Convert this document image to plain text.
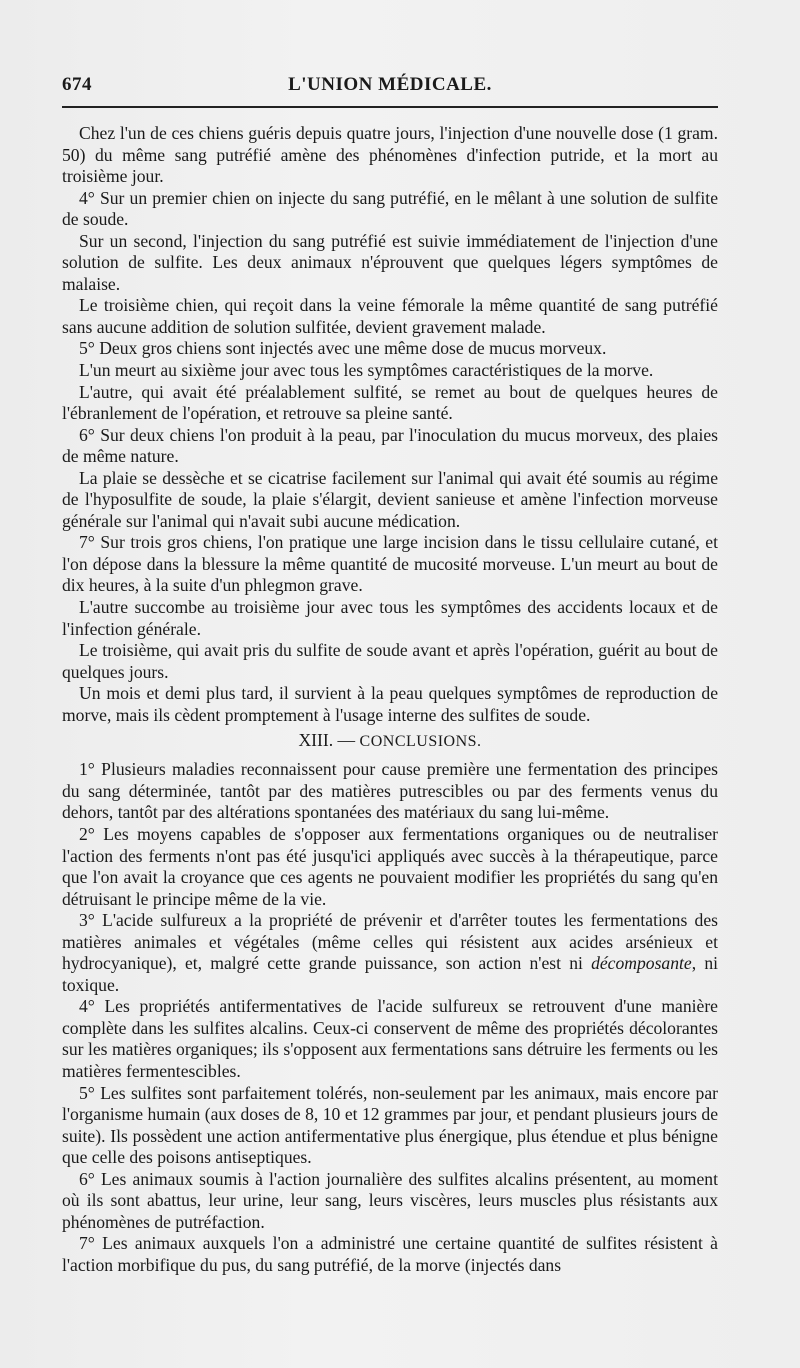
674	L'UNION MÉDICALE.

Chez l'un de ces chiens guéris depuis quatre jours, l'injection d'une nouvelle dose (1 gram. 50) du même sang putréfié amène des phénomènes d'infection putride, et la mort au troisième jour.

4° Sur un premier chien on injecte du sang putréfié, en le mêlant à une solution de sulfite de soude.

Sur un second, l'injection du sang putréfié est suivie immédiatement de l'injection d'une solution de sulfite. Les deux animaux n'éprouvent que quelques légers symptômes de malaise.

Le troisième chien, qui reçoit dans la veine fémorale la même quantité de sang putréfié sans aucune addition de solution sulfitée, devient gravement malade.

5° Deux gros chiens sont injectés avec une même dose de mucus morveux.

L'un meurt au sixième jour avec tous les symptômes caractéristiques de la morve.

L'autre, qui avait été préalablement sulfité, se remet au bout de quelques heures de l'ébranlement de l'opération, et retrouve sa pleine santé.

6° Sur deux chiens l'on produit à la peau, par l'inoculation du mucus morveux, des plaies de même nature.

La plaie se dessèche et se cicatrise facilement sur l'animal qui avait été soumis au régime de l'hyposulfite de soude, la plaie s'élargit, devient sanieuse et amène l'infection morveuse générale sur l'animal qui n'avait subi aucune médication.

7° Sur trois gros chiens, l'on pratique une large incision dans le tissu cellulaire cutané, et l'on dépose dans la blessure la même quantité de mucosité morveuse. L'un meurt au bout de dix heures, à la suite d'un phlegmon grave.

L'autre succombe au troisième jour avec tous les symptômes des accidents locaux et de l'infection générale.

Le troisième, qui avait pris du sulfite de soude avant et après l'opération, guérit au bout de quelques jours.

Un mois et demi plus tard, il survient à la peau quelques symptômes de reproduction de morve, mais ils cèdent promptement à l'usage interne des sulfites de soude.

XIII. — CONCLUSIONS.

1° Plusieurs maladies reconnaissent pour cause première une fermentation des principes du sang déterminée, tantôt par des matières putrescibles ou par des ferments venus du dehors, tantôt par des altérations spontanées des matériaux du sang lui-même.

2° Les moyens capables de s'opposer aux fermentations organiques ou de neutraliser l'action des ferments n'ont pas été jusqu'ici appliqués avec succès à la thérapeutique, parce que l'on avait la croyance que ces agents ne pouvaient modifier les propriétés du sang qu'en détruisant le principe même de la vie.

3° L'acide sulfureux a la propriété de prévenir et d'arrêter toutes les fermentations des matières animales et végétales (même celles qui résistent aux acides arsénieux et hydrocyanique), et, malgré cette grande puissance, son action n'est ni décomposante, ni toxique.

4° Les propriétés antifermentatives de l'acide sulfureux se retrouvent d'une manière complète dans les sulfites alcalins. Ceux-ci conservent de même des propriétés décolorantes sur les matières organiques; ils s'opposent aux fermentations sans détruire les ferments ou les matières fermentescibles.

5° Les sulfites sont parfaitement tolérés, non-seulement par les animaux, mais encore par l'organisme humain (aux doses de 8, 10 et 12 grammes par jour, et pendant plusieurs jours de suite). Ils possèdent une action antifermentative plus énergique, plus étendue et plus bénigne que celle des poisons antiseptiques.

6° Les animaux soumis à l'action journalière des sulfites alcalins présentent, au moment où ils sont abattus, leur urine, leur sang, leurs viscères, leurs muscles plus résistants aux phénomènes de putréfaction.

7° Les animaux auxquels l'on a administré une certaine quantité de sulfites résistent à l'action morbifique du pus, du sang putréfié, de la morve (injectés dans
